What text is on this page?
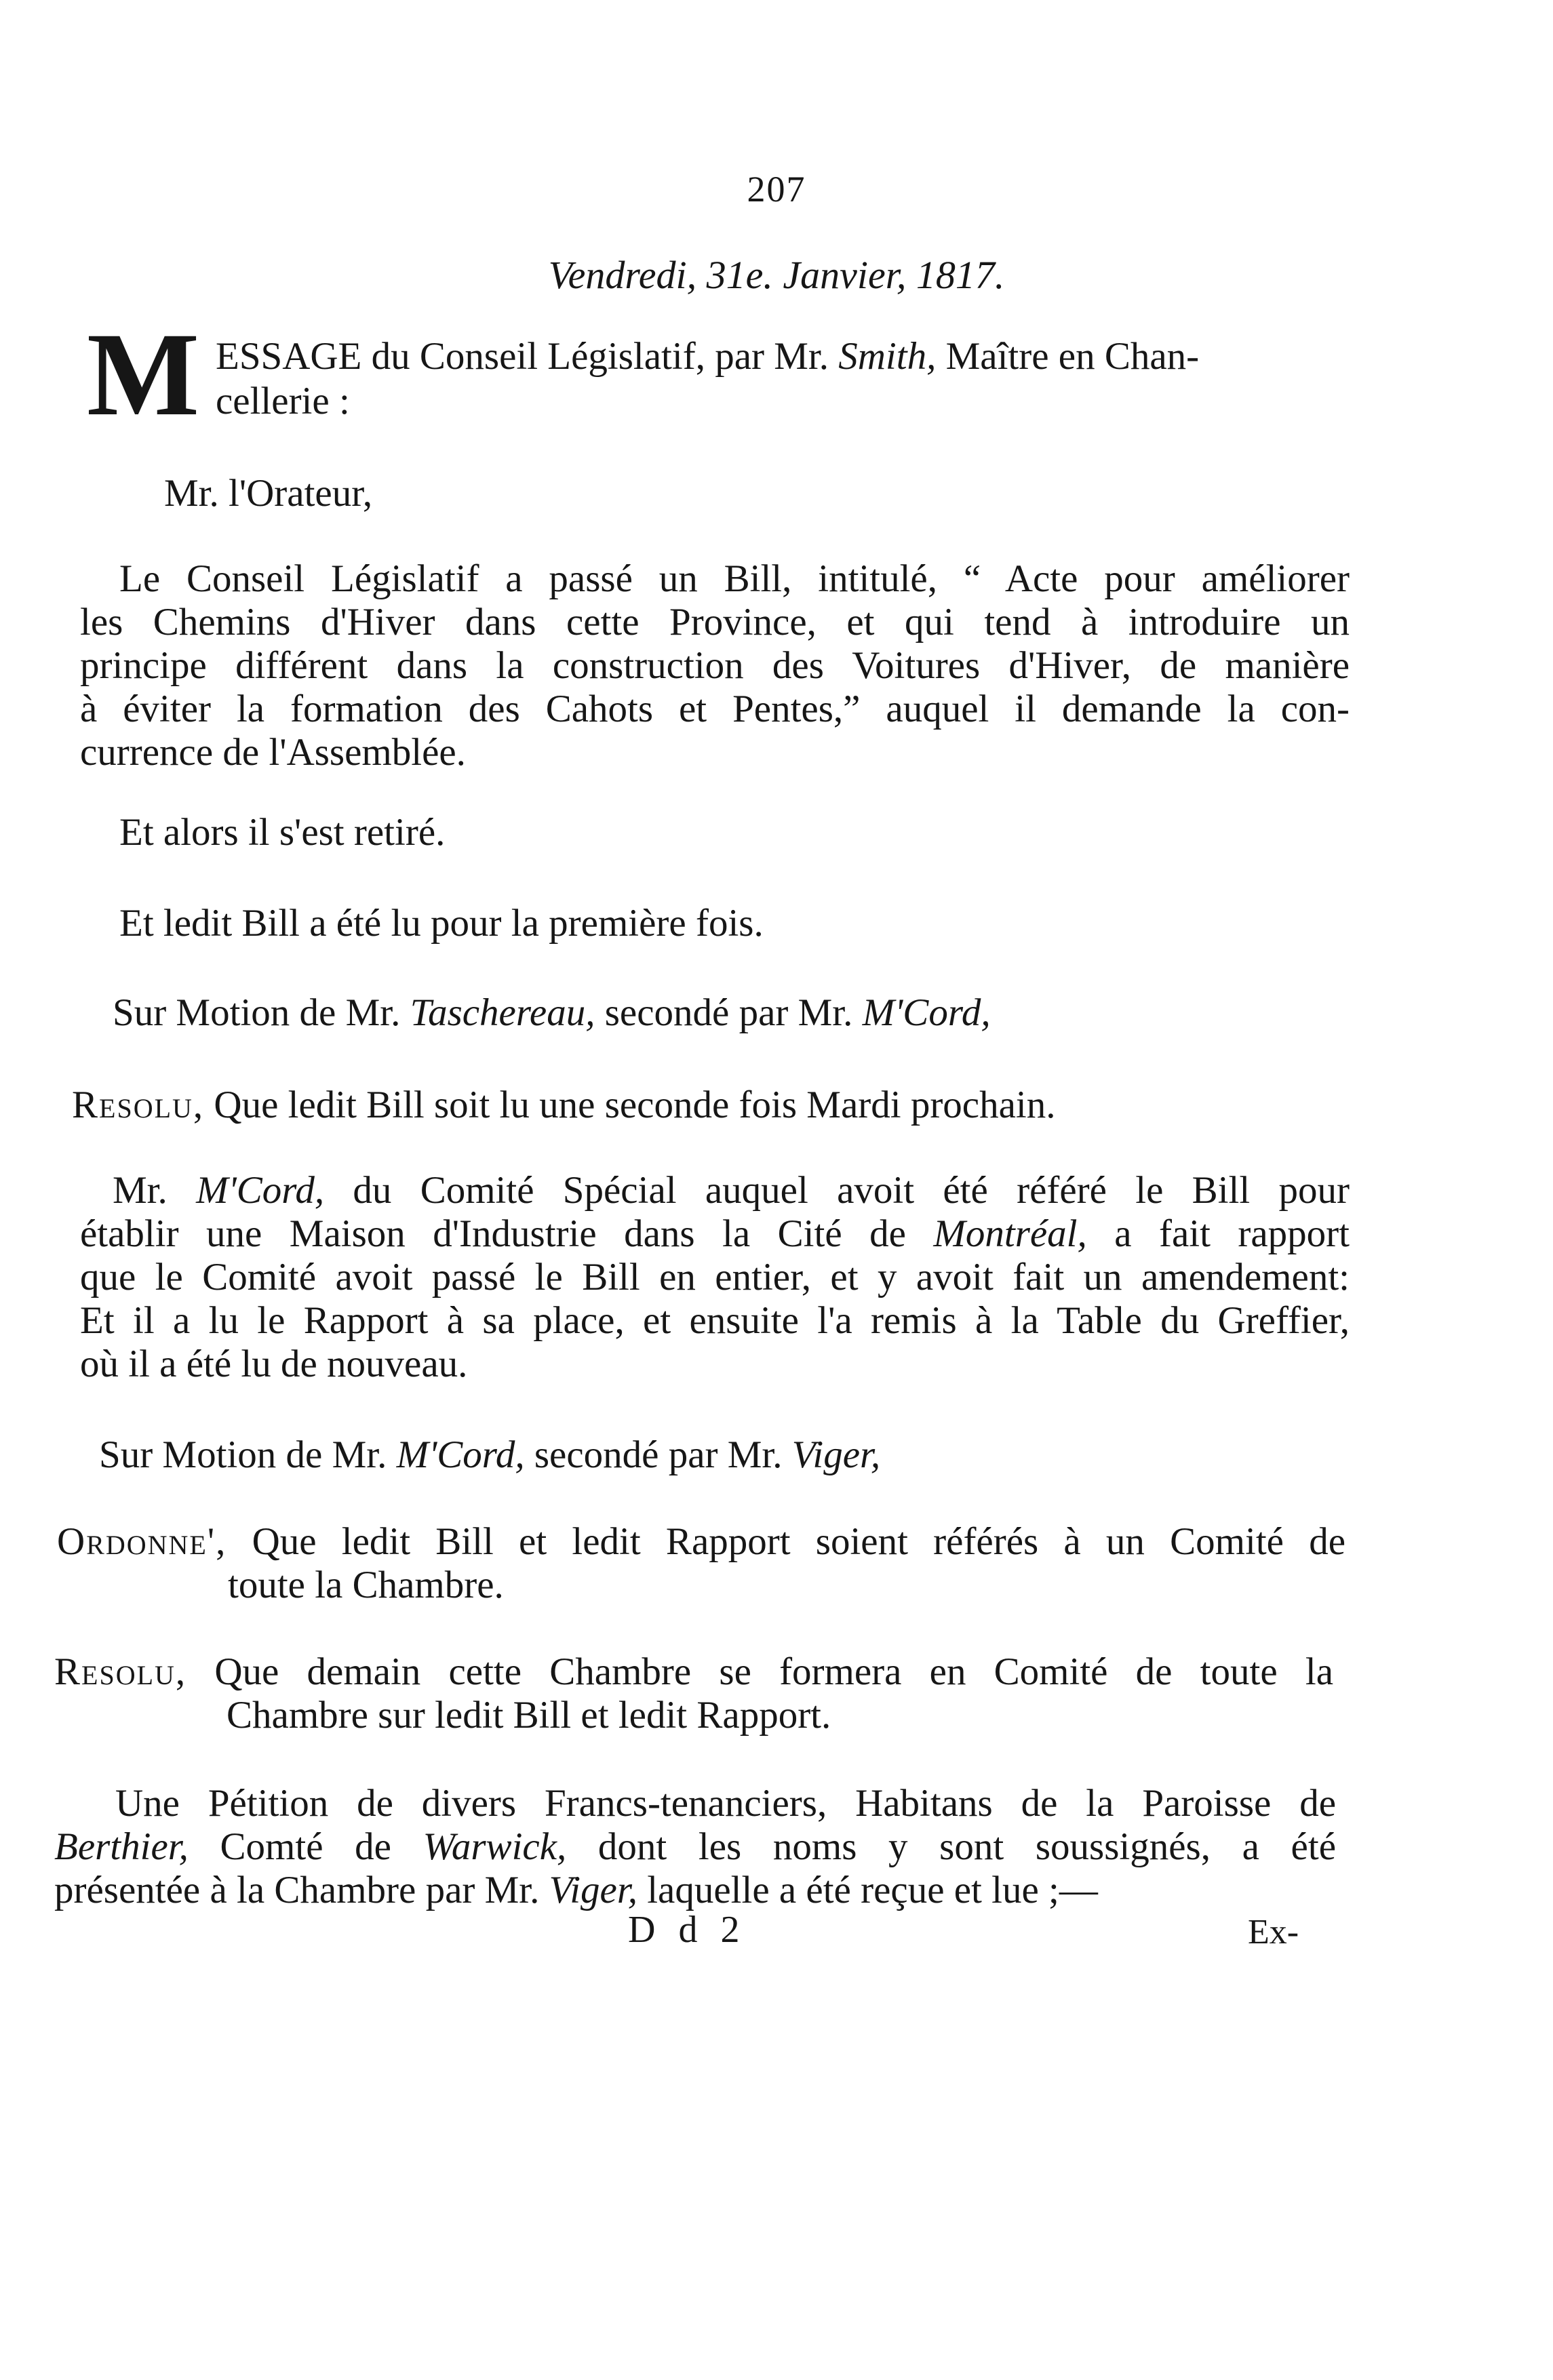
207
Vendredi, 31e. Janvier, 1817.
M ESSAGE du Conseil Législatif, par Mr. Smith, Maître en Chan-
cellerie :
Mr. l'Orateur,
Le Conseil Législatif a passé un Bill, intitulé, “ Acte pour améliorer
les Chemins d'Hiver dans cette Province, et qui tend à introduire un
principe différent dans la construction des Voitures d'Hiver, de manière
à éviter la formation des Cahots et Pentes,” auquel il demande la con-
currence de l'Assemblée.
Et alors il s'est retiré.
Et ledit Bill a été lu pour la première fois.
Sur Motion de Mr. Taschereau, secondé par Mr. M'Cord,
Resolu, Que ledit Bill soit lu une seconde fois Mardi prochain.
Mr. M'Cord, du Comité Spécial auquel avoit été référé le Bill pour
établir une Maison d'Industrie dans la Cité de Montréal, a fait rapport
que le Comité avoit passé le Bill en entier, et y avoit fait un amendement:
Et il a lu le Rapport à sa place, et ensuite l'a remis à la Table du Greffier,
où il a été lu de nouveau.
Sur Motion de Mr. M'Cord, secondé par Mr. Viger,
Ordonne', Que ledit Bill et ledit Rapport soient référés à un Comité de
toute la Chambre.
Resolu, Que demain cette Chambre se formera en Comité de toute la
Chambre sur ledit Bill et ledit Rapport.
Une Pétition de divers Francs-tenanciers, Habitans de la Paroisse de
Berthier, Comté de Warwick, dont les noms y sont soussignés, a été
présentée à la Chambre par Mr. Viger, laquelle a été reçue et lue ;—
D d 2	Ex-
